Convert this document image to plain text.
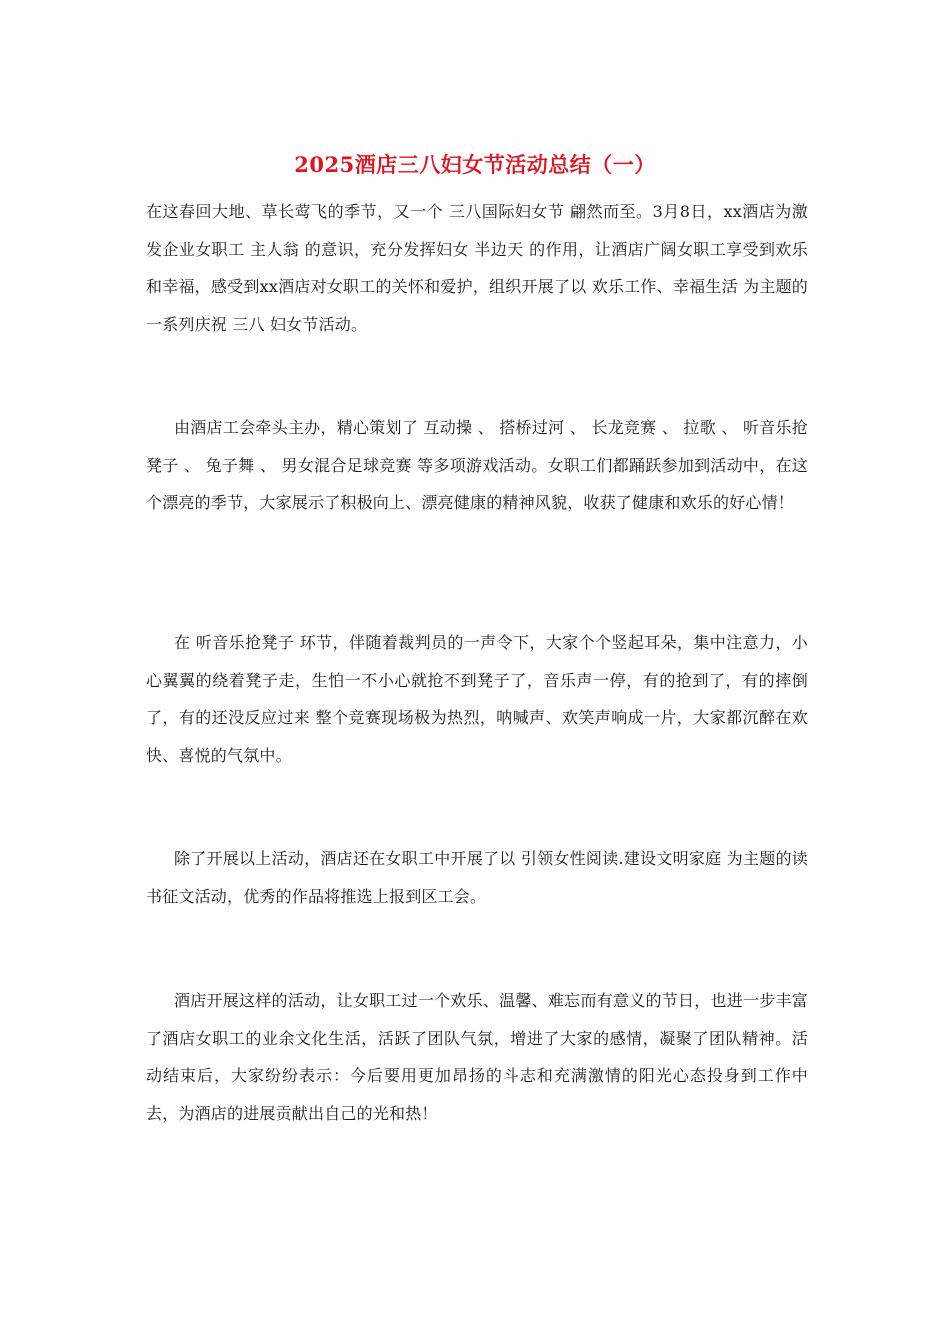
2025酒店三八妇女节活动总结（一）

在这春回大地、草长莺飞的季节，又一个 三八国际妇女节 翩然而至。3月8日，xx酒店为激发企业女职工 主人翁 的意识，充分发挥妇女 半边天 的作用，让酒店广阔女职工享受到欢乐和幸福，感受到xx酒店对女职工的关怀和爱护，组织开展了以 欢乐工作、幸福生活 为主题的一系列庆祝 三八 妇女节活动。

由酒店工会牵头主办，精心策划了 互动操 、 搭桥过河 、 长龙竞赛 、 拉歌 、 听音乐抢凳子 、 兔子舞 、 男女混合足球竞赛 等多项游戏活动。女职工们都踊跃参加到活动中，在这个漂亮的季节，大家展示了积极向上、漂亮健康的精神风貌，收获了健康和欢乐的好心情！

在 听音乐抢凳子 环节，伴随着裁判员的一声令下，大家个个竖起耳朵，集中注意力，小心翼翼的绕着凳子走，生怕一不小心就抢不到凳子了，音乐声一停，有的抢到了，有的摔倒了，有的还没反应过来 整个竞赛现场极为热烈，呐喊声、欢笑声响成一片，大家都沉醉在欢快、喜悦的气氛中。

除了开展以上活动，酒店还在女职工中开展了以 引领女性阅读.建设文明家庭 为主题的读书征文活动，优秀的作品将推选上报到区工会。

酒店开展这样的活动，让女职工过一个欢乐、温馨、难忘而有意义的节日，也进一步丰富了酒店女职工的业余文化生活，活跃了团队气氛，增进了大家的感情，凝聚了团队精神。活动结束后，大家纷纷表示：今后要用更加昂扬的斗志和充满激情的阳光心态投身到工作中去，为酒店的进展贡献出自己的光和热！
